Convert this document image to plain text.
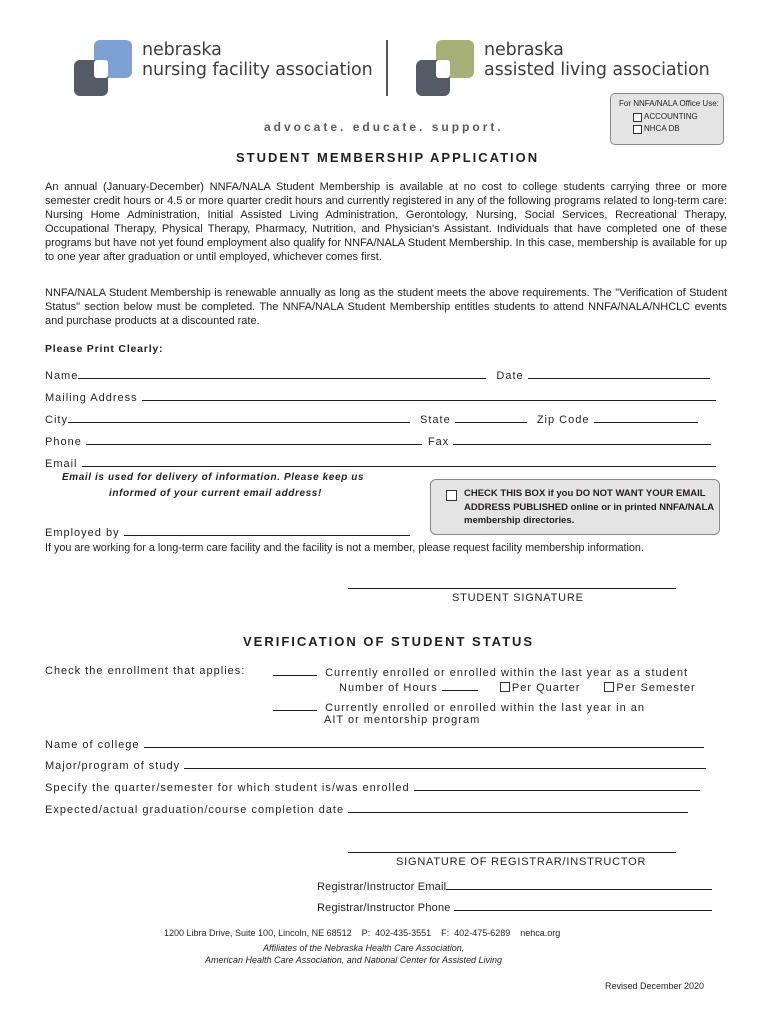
nebraska
nursing facility association
nebraska
assisted living association
advocate. educate. support.
For NNFA/NALA Office Use:
ACCOUNTING
NHCA DB
STUDENT MEMBERSHIP APPLICATION
An annual (January-December) NNFA/NALA Student Membership is available at no cost to college students carrying three or more semester credit hours or 4.5 or more quarter credit hours and currently registered in any of the following programs related to long-term care: Nursing Home Administration, Initial Assisted Living Administration, Gerontology, Nursing, Social Services, Recreational Therapy, Occupational Therapy, Physical Therapy, Pharmacy, Nutrition, and Physician's Assistant. Individuals that have completed one of these programs but have not yet found employment also qualify for NNFA/NALA Student Membership. In this case, membership is available for up to one year after graduation or until employed, whichever comes first.
NNFA/NALA Student Membership is renewable annually as long as the student meets the above requirements. The "Verification of Student Status" section below must be completed. The NNFA/NALA Student Membership entitles students to attend NNFA/NALA/NHCLC events and purchase products at a discounted rate.
Please Print Clearly:
Name	Date
Mailing Address
City	State	Zip Code
Phone	Fax
Email
Email is used for delivery of information. Please keep us
informed of your current email address!	CHECK THIS BOX if you DO NOT WANT YOUR EMAIL ADDRESS PUBLISHED online or in printed NNFA/NALA membership directories.
Employed by
If you are working for a long-term care facility and the facility is not a member, please request facility membership information.
STUDENT SIGNATURE
VERIFICATION OF STUDENT STATUS
Check the enrollment that applies:	Currently enrolled or enrolled within the last year as a student
Number of Hours	Per Quarter	Per Semester
Currently enrolled or enrolled within the last year in an
AIT or mentorship program
Name of college
Major/program of study
Specify the quarter/semester for which student is/was enrolled
Expected/actual graduation/course completion date
SIGNATURE OF REGISTRAR/INSTRUCTOR
Registrar/Instructor Email
Registrar/Instructor Phone
1200 Libra Drive, Suite 100, Lincoln, NE 68512    P:  402-435-3551    F:  402-475-6289    nehca.org
Affiliates of the Nebraska Health Care Association,
American Health Care Association, and National Center for Assisted Living
Revised December 2020
